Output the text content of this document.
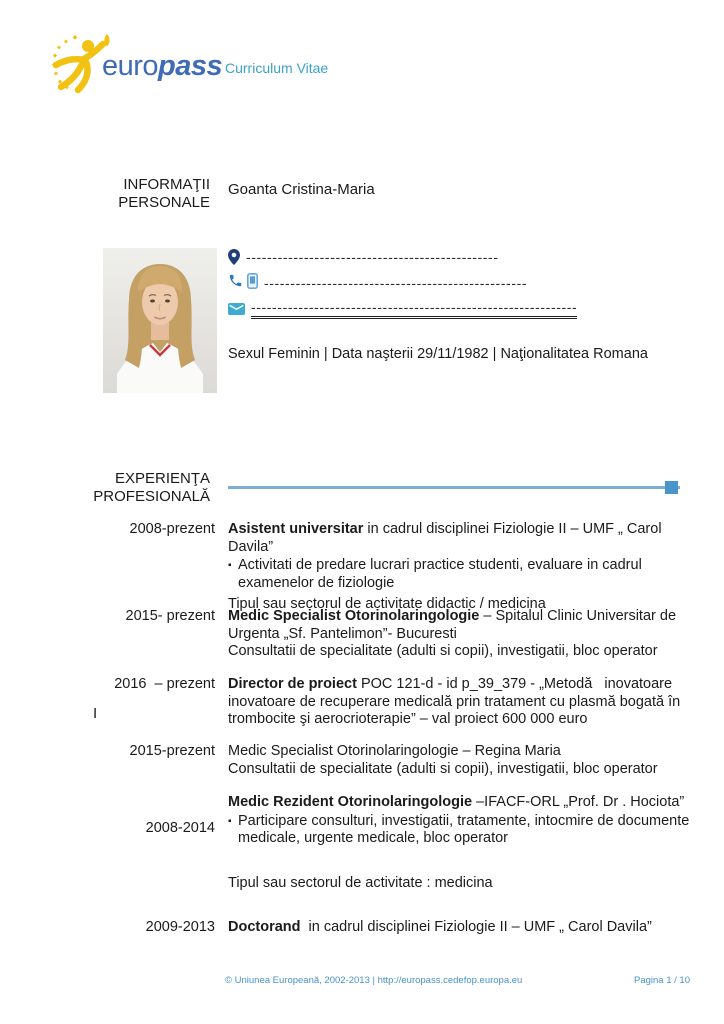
europass Curriculum Vitae
INFORMAŢII
PERSONALE
Goanta Cristina-Maria
------------------------------------------------
--------------------------------------------------
--------------------------------------------------------------
Sexul Feminin | Data naşterii 29/11/1982 | Naţionalitatea Romana
EXPERIENŢA
PROFESIONALĂ
2008-prezent Asistent universitar in cadrul disciplinei Fiziologie II – UMF „ Carol Davila”

▪ Activitati de predare lucrari practice studenti, evaluare in cadrul
examenelor de fiziologie

Tipul sau sectorul de activitate didactic / medicina

2015- prezent Medic Specialist Otorinolaringologie – Spitalul Clinic Universitar de

Urgenta „Sf. Pantelimon”- Bucuresti

Consultatii de specialitate (adulti si copii), investigatii, bloc operator

2016  – prezent Director de proiect POC 121-d - id p_39_379 - „Metodă   inovatoare

inovatoare de recuperare medicală prin tratament cu plasmă bogată în

trombocite şi aerocrioterapie” – val proiect 600 000 euro

I
2015-prezent Medic Specialist Otorinolaringologie – Regina Maria

Consultatii de specialitate (adulti si copii), investigatii, bloc operator

2008-2014

Medic Rezident Otorinolaringologie –IFACF-ORL „Prof. Dr . Hociota”

▪ Participare consulturi, investigatii, tratamente, intocmire de documente
medicale, urgente medicale, bloc operator

Tipul sau sectorul de activitate : medicina

2009-2013 Doctorand  in cadrul disciplinei Fiziologie II – UMF „ Carol Davila”

© Uniunea Europeană, 2002-2013 | http://europass.cedefop.europa.eu	Pagina 1 / 10
